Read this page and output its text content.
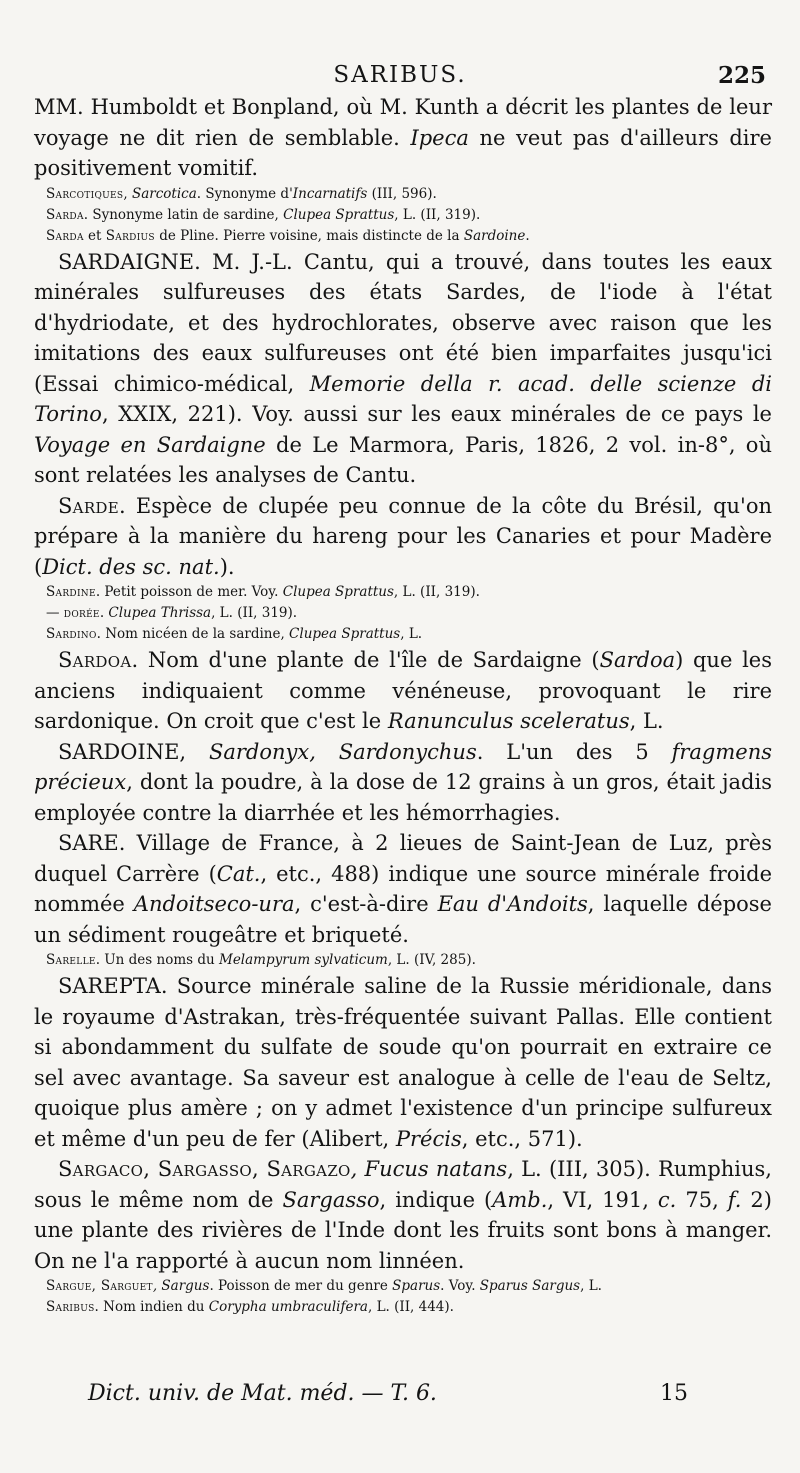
SARIBUS.	225

MM. Humboldt et Bonpland, où M. Kunth a décrit les plantes de leur voyage ne dit rien de semblable. Ipeca ne veut pas d'ailleurs dire positivement vomitif.

Sarcotiques, Sarcotica. Synonyme d'Incarnatifs (III, 596).

Sarda. Synonyme latin de sardine, Clupea Sprattus, L. (II, 319).

Sarda et Sardius de Pline. Pierre voisine, mais distincte de la Sardoine.

SARDAIGNE. M. J.-L. Cantu, qui a trouvé, dans toutes les eaux minérales sulfureuses des états Sardes, de l'iode à l'état d'hydriodate, et des hydrochlorates, observe avec raison que les imitations des eaux sulfureuses ont été bien imparfaites jusqu'ici (Essai chimico-médical, Memorie della r. acad. delle scienze di Torino, XXIX, 221). Voy. aussi sur les eaux minérales de ce pays le Voyage en Sardaigne de Le Marmora, Paris, 1826, 2 vol. in-8°, où sont relatées les analyses de Cantu.

Sarde. Espèce de clupée peu connue de la côte du Brésil, qu'on prépare à la manière du hareng pour les Canaries et pour Madère (Dict. des sc. nat.).

Sardine. Petit poisson de mer. Voy. Clupea Sprattus, L. (II, 319).

— dorée. Clupea Thrissa, L. (II, 319).

Sardino. Nom nicéen de la sardine, Clupea Sprattus, L.

Sardoa. Nom d'une plante de l'île de Sardaigne (Sardoa) que les anciens indiquaient comme vénéneuse, provoquant le rire sardonique. On croit que c'est le Ranunculus sceleratus, L.

SARDOINE, Sardonyx, Sardonychus. L'un des 5 fragmens précieux, dont la poudre, à la dose de 12 grains à un gros, était jadis employée contre la diarrhée et les hémorrhagies.

SARE. Village de France, à 2 lieues de Saint-Jean de Luz, près duquel Carrère (Cat., etc., 488) indique une source minérale froide nommée Andoitseco-ura, c'est-à-dire Eau d'Andoits, laquelle dépose un sédiment rougeâtre et briqueté.

Sarelle. Un des noms du Melampyrum sylvaticum, L. (IV, 285).

SAREPTA. Source minérale saline de la Russie méridionale, dans le royaume d'Astrakan, très-fréquentée suivant Pallas. Elle contient si abondamment du sulfate de soude qu'on pourrait en extraire ce sel avec avantage. Sa saveur est analogue à celle de l'eau de Seltz, quoique plus amère ; on y admet l'existence d'un principe sulfureux et même d'un peu de fer (Alibert, Précis, etc., 571).

Sargaco, Sargasso, Sargazo, Fucus natans, L. (III, 305). Rumphius, sous le même nom de Sargasso, indique (Amb., VI, 191, c. 75, f. 2) une plante des rivières de l'Inde dont les fruits sont bons à manger. On ne l'a rapporté à aucun nom linnéen.

Sargue, Sarguet, Sargus. Poisson de mer du genre Sparus. Voy. Sparus Sargus, L.

Saribus. Nom indien du Corypha umbraculifera, L. (II, 444).

Dict. univ. de Mat. méd. — T. 6.	15
